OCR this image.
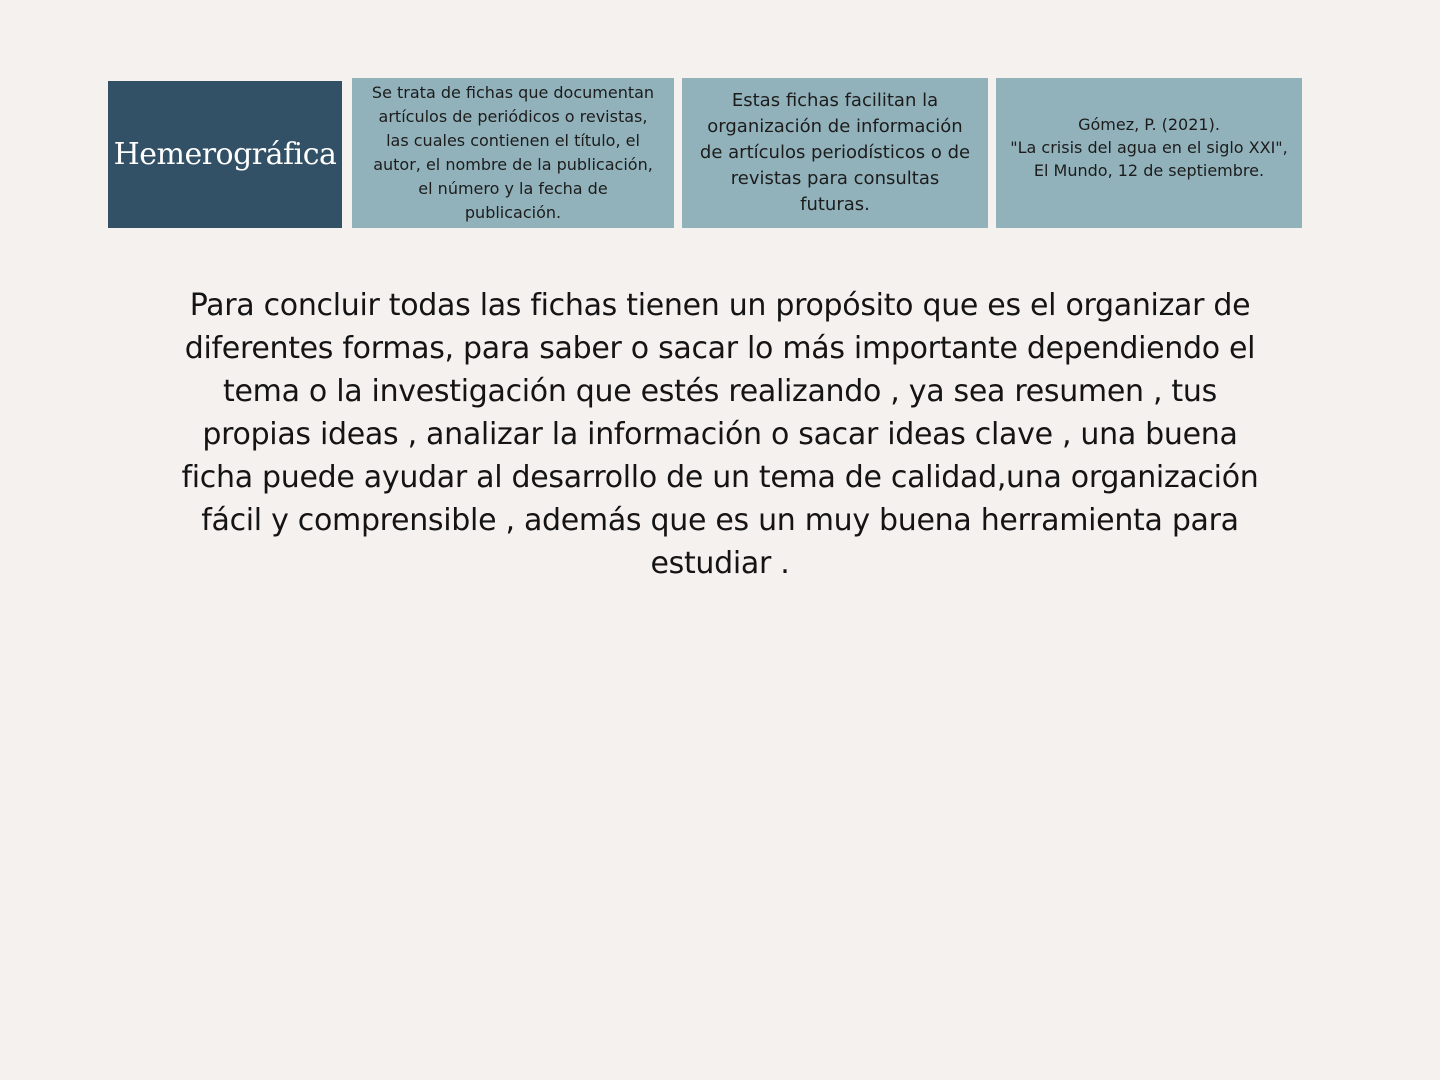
Hemerográfica

Se trata de fichas que documentan artículos de periódicos o revistas, las cuales contienen el título, el autor, el nombre de la publicación, el número y la fecha de publicación.

Estas fichas facilitan la organización de información de artículos periodísticos o de revistas para consultas futuras.

Gómez, P. (2021).
"La crisis del agua en el siglo XXI", El Mundo, 12 de septiembre.

Para concluir todas las fichas tienen un propósito que es el organizar de diferentes formas, para saber o sacar lo más importante dependiendo el tema o la investigación que estés realizando , ya sea resumen , tus propias ideas , analizar la información o sacar ideas clave , una buena ficha puede ayudar al desarrollo de un tema de calidad,una organización fácil y comprensible , además que es un muy buena herramienta para estudiar .
